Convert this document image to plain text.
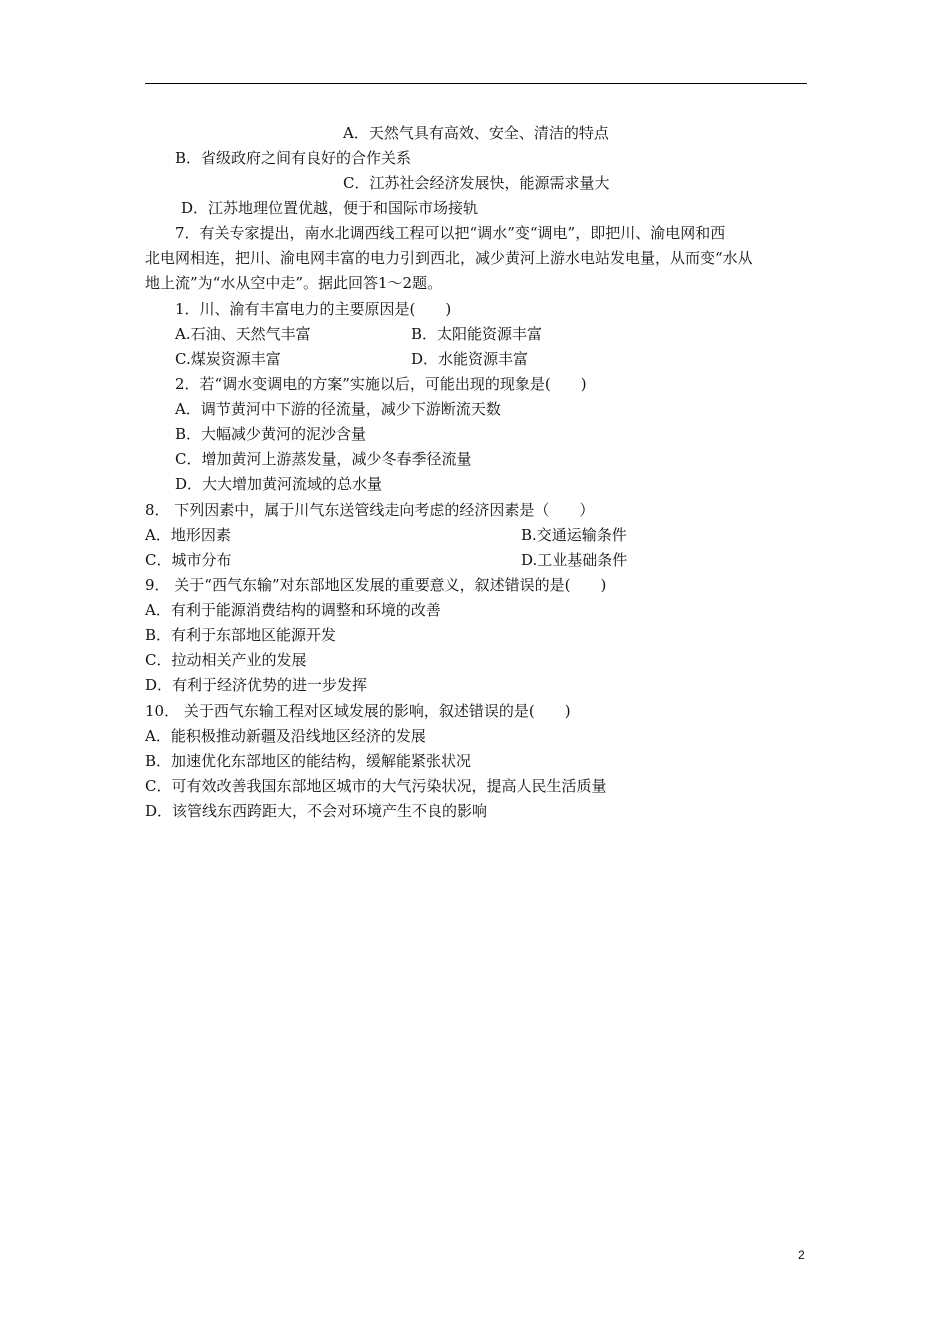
A．天然气具有高效、安全、清洁的特点
B．省级政府之间有良好的合作关系
C．江苏社会经济发展快，能源需求量大
D．江苏地理位置优越，便于和国际市场接轨
7．有关专家提出，南水北调西线工程可以把“调水”变“调电”，即把川、渝电网和西
北电网相连，把川、渝电网丰富的电力引到西北，减少黄河上游水电站发电量，从而变“水从
地上流”为“水从空中走”。据此回答1～2题。
1．川、渝有丰富电力的主要原因是(　　)
A.石油、天然气丰富	B．太阳能资源丰富
C.煤炭资源丰富	D．水能资源丰富
2．若“调水变调电的方案”实施以后，可能出现的现象是(　　)
A．调节黄河中下游的径流量，减少下游断流天数
B．大幅减少黄河的泥沙含量
C．增加黄河上游蒸发量，减少冬春季径流量
D．大大增加黄河流域的总水量
8． 下列因素中，属于川气东送管线走向考虑的经济因素是（　　）
A．地形因素	B.交通运输条件
C．城市分布	D.工业基础条件
9． 关于“西气东输”对东部地区发展的重要意义，叙述错误的是(　　)
A．有利于能源消费结构的调整和环境的改善
B．有利于东部地区能源开发
C．拉动相关产业的发展
D．有利于经济优势的进一步发挥
10． 关于西气东输工程对区域发展的影响，叙述错误的是(　　)
A．能积极推动新疆及沿线地区经济的发展
B．加速优化东部地区的能结构，缓解能紧张状况
C．可有效改善我国东部地区城市的大气污染状况，提高人民生活质量
D．该管线东西跨距大，不会对环境产生不良的影响
2
